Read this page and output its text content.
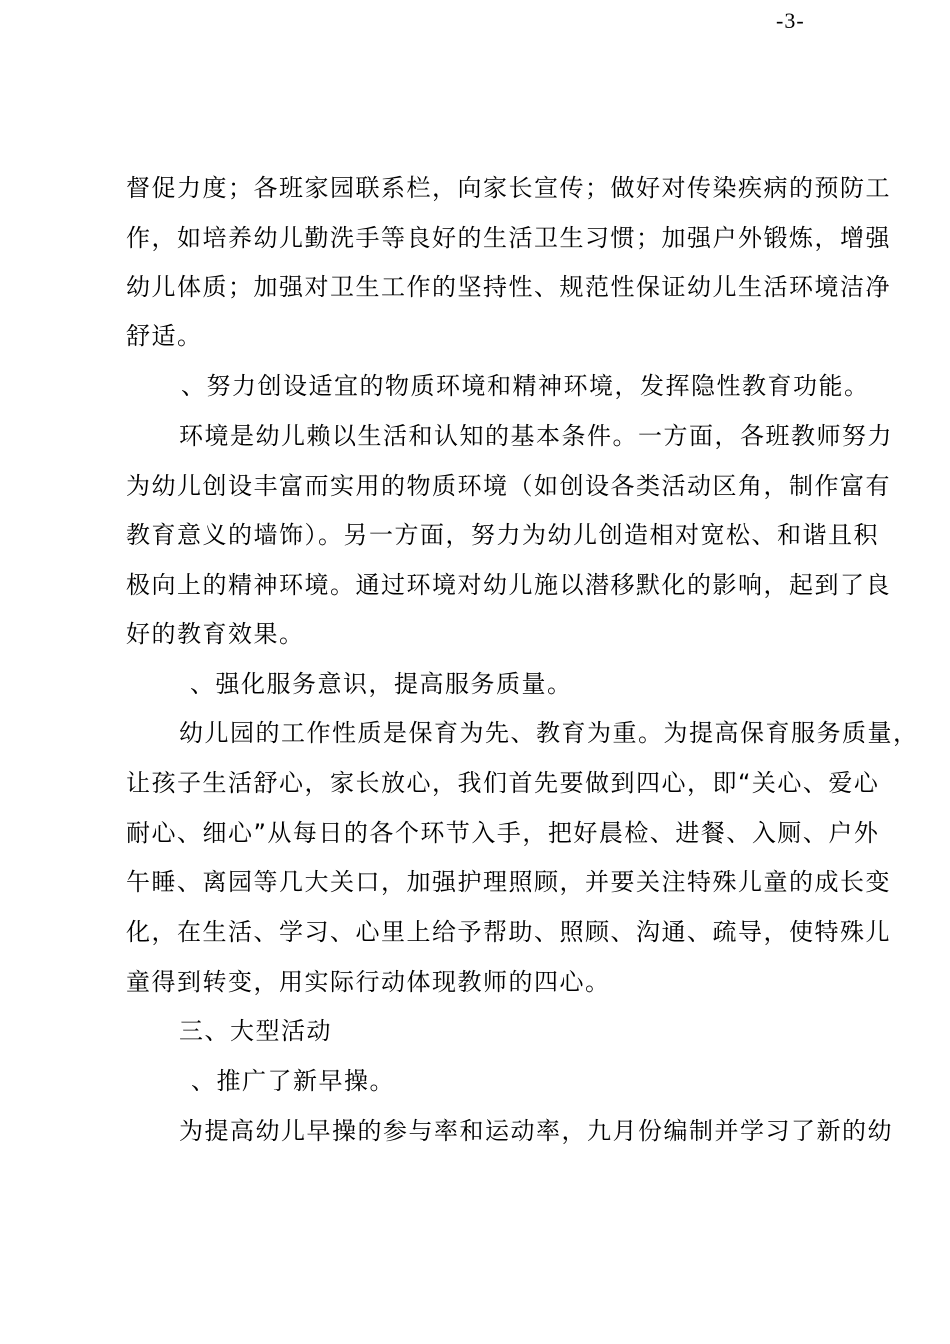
-3-
督促力度；各班家园联系栏，向家长宣传；做好对传染疾病的预防工
作，如培养幼儿勤洗手等良好的生活卫生习惯；加强户外锻炼，增强
幼儿体质；加强对卫生工作的坚持性、规范性保证幼儿生活环境洁净
舒适。
、努力创设适宜的物质环境和精神环境，发挥隐性教育功能。
环境是幼儿赖以生活和认知的基本条件。一方面，各班教师努力
为幼儿创设丰富而实用的物质环境（如创设各类活动区角，制作富有
教育意义的墙饰）。另一方面，努力为幼儿创造相对宽松、和谐且积
极向上的精神环境。通过环境对幼儿施以潜移默化的影响，起到了良
好的教育效果。
、强化服务意识，提高服务质量。
幼儿园的工作性质是保育为先、教育为重。为提高保育服务质量，
让孩子生活舒心，家长放心，我们首先要做到四心，即“关心、爱心
耐心、细心”从每日的各个环节入手，把好晨检、进餐、入厕、户外
午睡、离园等几大关口，加强护理照顾，并要关注特殊儿童的成长变
化，在生活、学习、心里上给予帮助、照顾、沟通、疏导，使特殊儿
童得到转变，用实际行动体现教师的四心。
三、大型活动
、推广了新早操。
为提高幼儿早操的参与率和运动率，九月份编制并学习了新的幼
